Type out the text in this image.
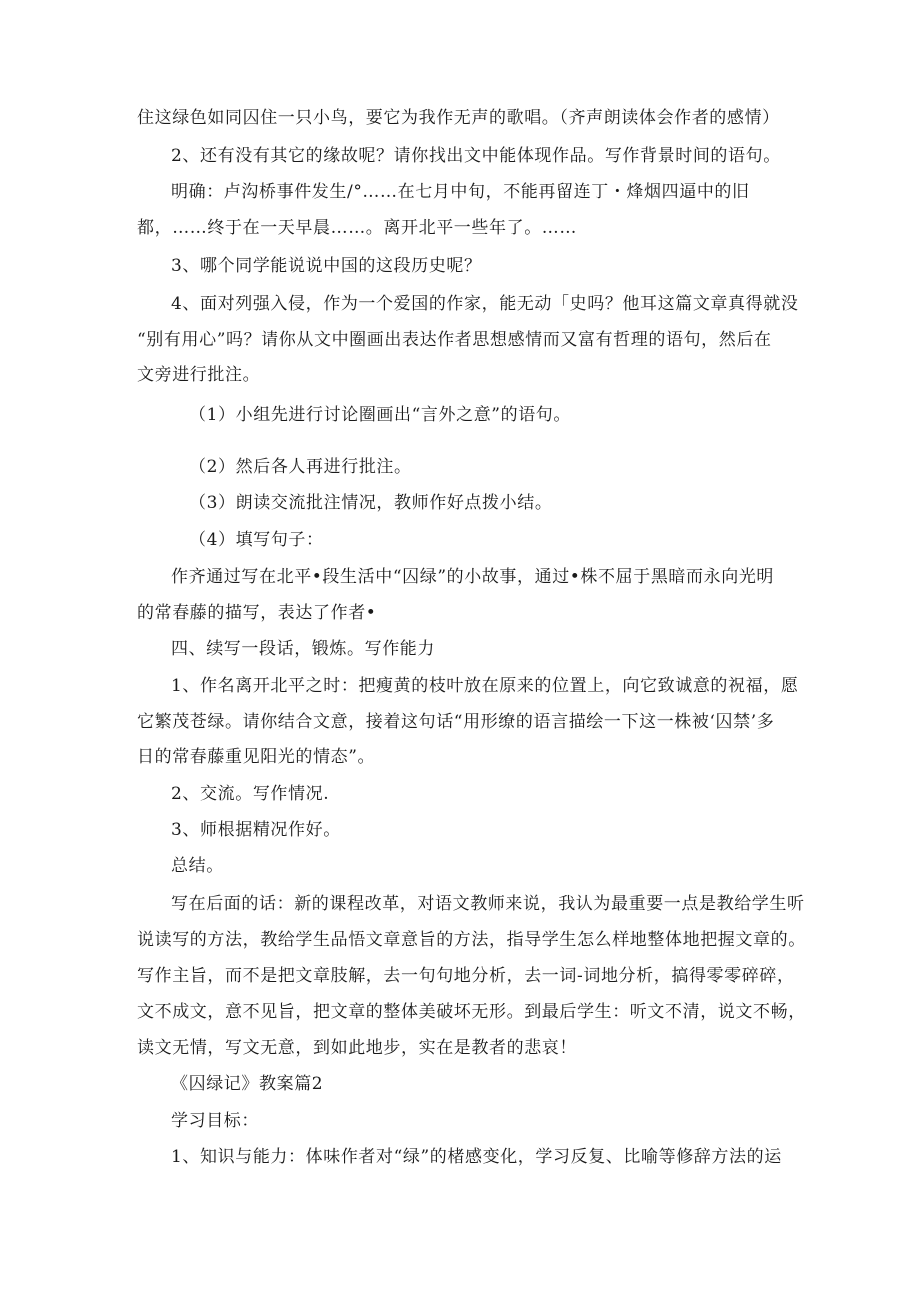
住这绿色如同囚住一只小鸟，要它为我作无声的歌唱。（齐声朗读体会作者的感情）
2、还有没有其它的缘故呢？请你找出文中能体现作品。写作背景时间的语句。
明确：卢沟桥事件发生/°……在七月中旬，不能再留连丁・烽烟四逼中的旧
都，……终于在一天早晨……。离开北平一些年了。……
3、哪个同学能说说中国的这段历史呢？
4、面对列强入侵，作为一个爱国的作家，能无动「史吗？他耳这篇文章真得就没
“别有用心”吗？请你从文中圈画出表达作者思想感情而又富有哲理的语句，然后在
文旁进行批注。
（1）小组先进行讨论圈画出“言外之意”的语句。
（2）然后各人再进行批注。
（3）朗读交流批注情况，教师作好点拨小结。
（4）填写句子：
作齐通过写在北平•段生活中“囚绿”的小故事，通过•株不屈于黑暗而永向光明
的常春藤的描写，表达了作者•
四、续写一段话，锻炼。写作能力
1、作名离开北平之时：把瘦黄的枝叶放在原来的位置上，向它致诚意的祝福，愿
它繁茂苍绿。请你结合文意，接着这句话“用形缭的语言描绘一下这一株被‘囚禁’多
日的常春藤重见阳光的情态”。
2、交流。写作情况.
3、师根据精况作好。
总结。
写在后面的话：新的课程改革，对语文教师来说，我认为最重要一点是教给学生听
说读写的方法，教给学生品悟文章意旨的方法，指导学生怎么样地整体地把握文章的。
写作主旨，而不是把文章肢解，去一句句地分析，去一词-词地分析，搞得零零碎碎，
文不成文，意不见旨，把文章的整体美破坏无形。到最后学生：听文不清，说文不畅，
读文无情，写文无意，到如此地步，实在是教者的悲哀！
《囚绿记》教案篇2
学习目标：
1、知识与能力：体味作者对“绿”的楮感变化，学习反复、比喻等修辞方法的运
